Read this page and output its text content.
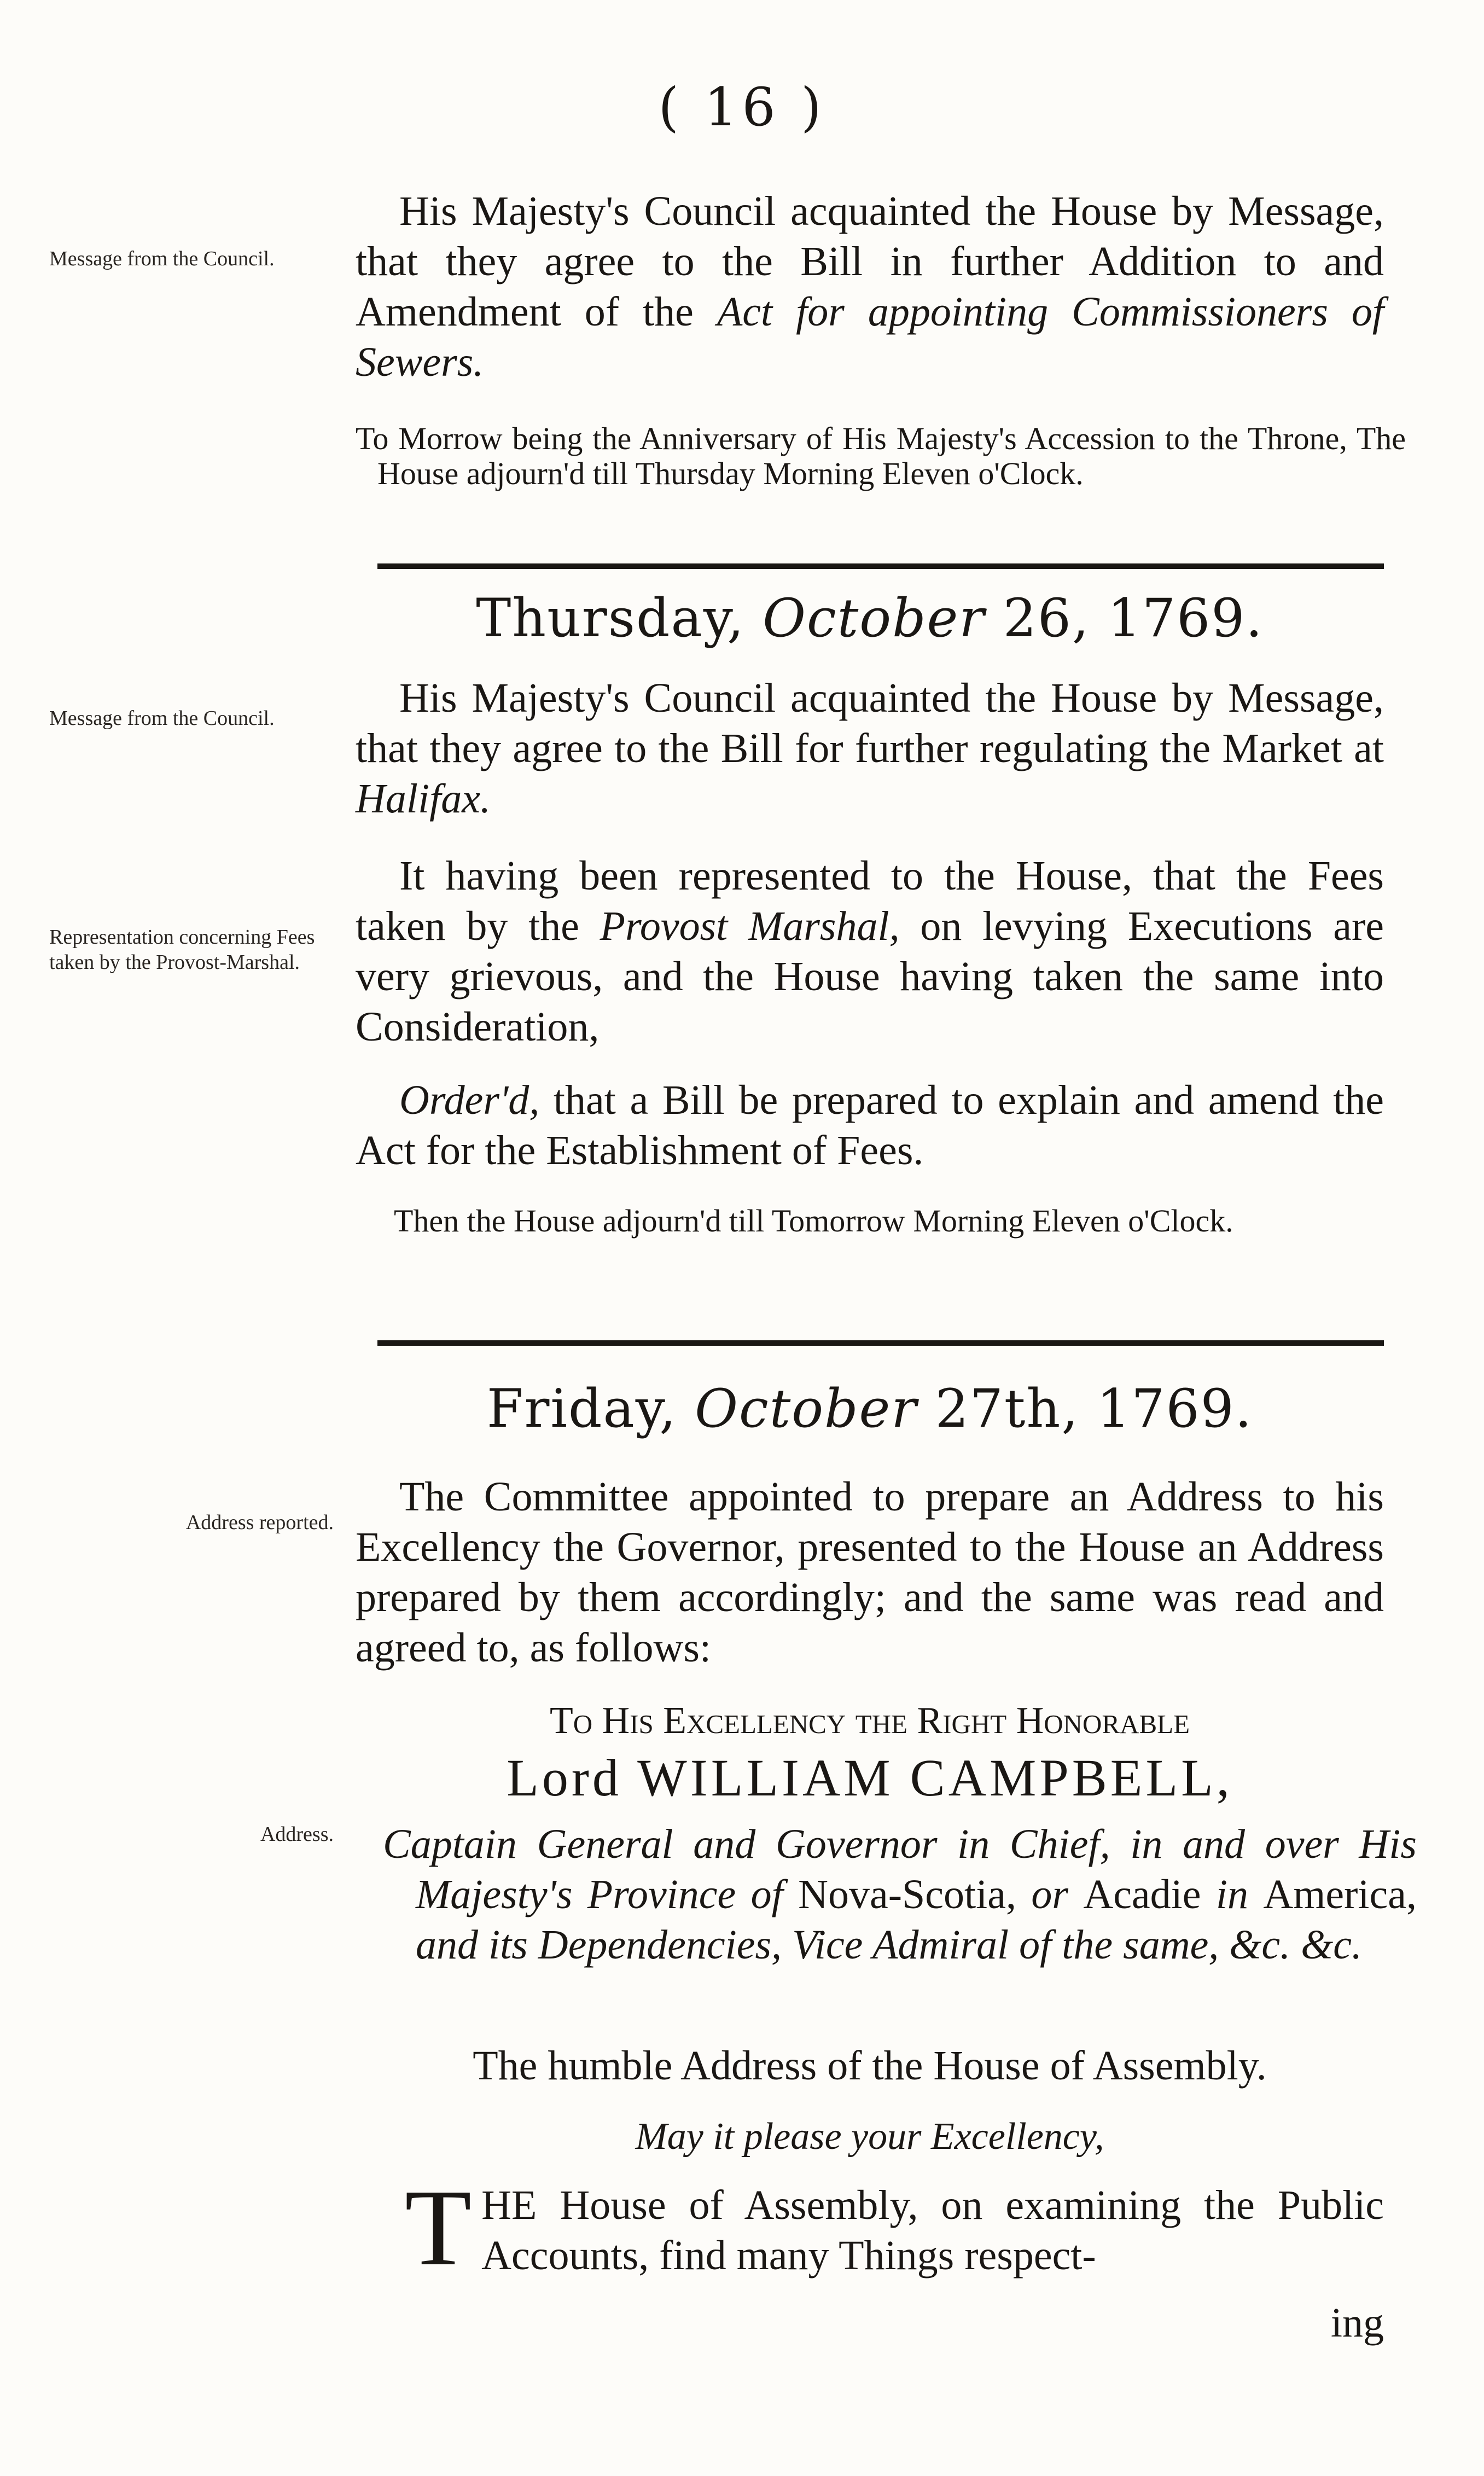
( 16 )
Message from the Council.
Message from the Council.
Representation concerning Fees taken by the Provost-Marshal.
Address reported.
Address.
His Majesty's Council acquainted the House by Message, that they agree to the Bill in further Addition to and Amendment of the Act for appointing Commissioners of Sewers.
To Morrow being the Anniversary of His Majesty's Accession to the Throne, The House adjourn'd till Thursday Morning Eleven o'Clock.
Thursday, October 26, 1769.
His Majesty's Council acquainted the House by Message, that they agree to the Bill for further regulating the Market at Halifax.
It having been represented to the House, that the Fees taken by the Provost Marshal, on levying Executions are very grievous, and the House having taken the same into Consideration,
Order'd, that a Bill be prepared to explain and amend the Act for the Establishment of Fees.
Then the House adjourn'd till Tomorrow Morning Eleven o'Clock.
Friday, October 27th, 1769.
The Committee appointed to prepare an Address to his Excellency the Governor, presented to the House an Address prepared by them accordingly; and the same was read and agreed to, as follows:
To His Excellency the Right Honorable
Lord WILLIAM CAMPBELL,
Captain General and Governor in Chief, in and over His Majesty's Province of Nova-Scotia, or Acadie in America, and its Dependencies, Vice Admiral of the same, &c. &c.
The humble Address of the House of Assembly.
May it please your Excellency,
THE House of Assembly, on examining the Public Accounts, find many Things respect-
ing
